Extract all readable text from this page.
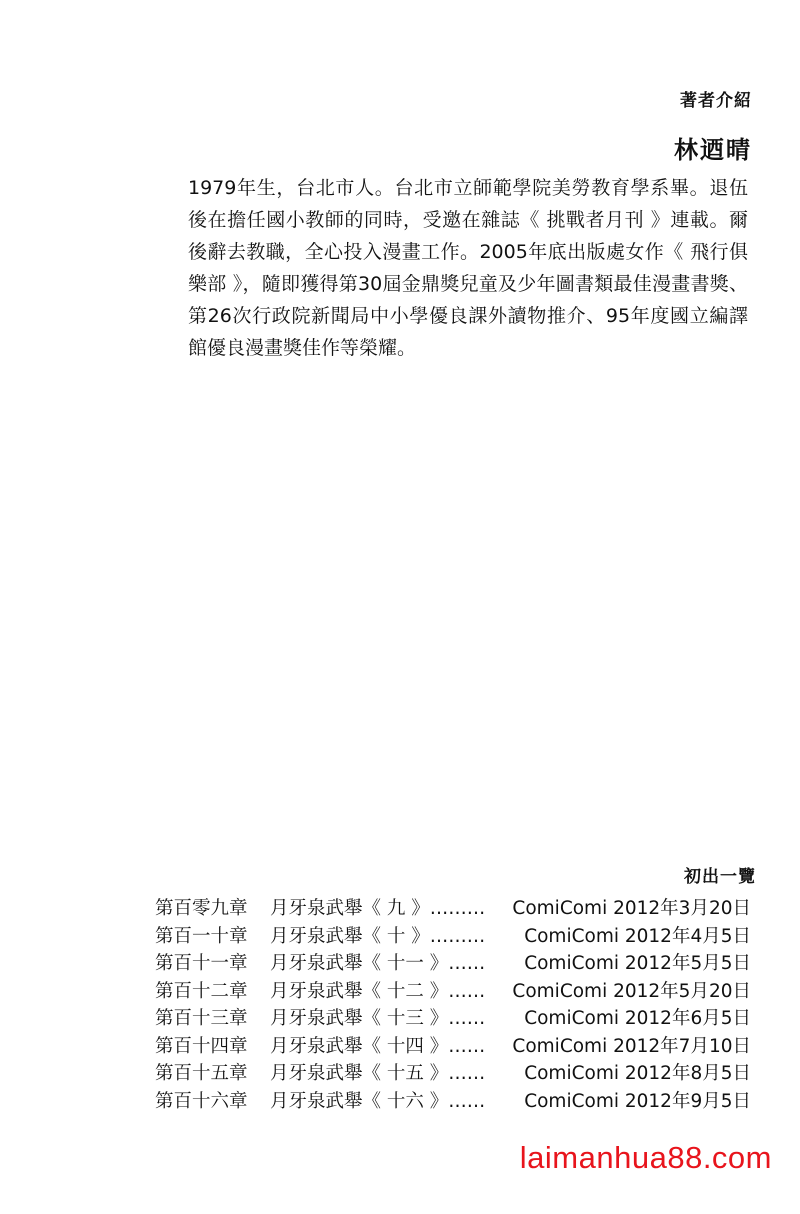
著者介紹
林迺晴

1979年生，台北市人。台北市立師範學院美勞教育學系畢。退伍後在擔任國小教師的同時，受邀在雜誌《 挑戰者月刊 》連載。爾後辭去教職，全心投入漫畫工作。2005年底出版處女作《 飛行俱樂部 》，隨即獲得第30屆金鼎獎兒童及少年圖書類最佳漫畫書獎、第26次行政院新聞局中小學優良課外讀物推介、95年度國立編譯館優良漫畫獎佳作等榮耀。

初出一覽
第百零九章	月牙泉武舉《 九 》………	ComiComi 2012年3月20日
第百一十章	月牙泉武舉《 十 》………	ComiComi 2012年4月5日
第百十一章	月牙泉武舉《 十一 》……	ComiComi 2012年5月5日
第百十二章	月牙泉武舉《 十二 》……	ComiComi 2012年5月20日
第百十三章	月牙泉武舉《 十三 》……	ComiComi 2012年6月5日
第百十四章	月牙泉武舉《 十四 》……	ComiComi 2012年7月10日
第百十五章	月牙泉武舉《 十五 》……	ComiComi 2012年8月5日
第百十六章	月牙泉武舉《 十六 》……	ComiComi 2012年9月5日
laimanhua88.com
